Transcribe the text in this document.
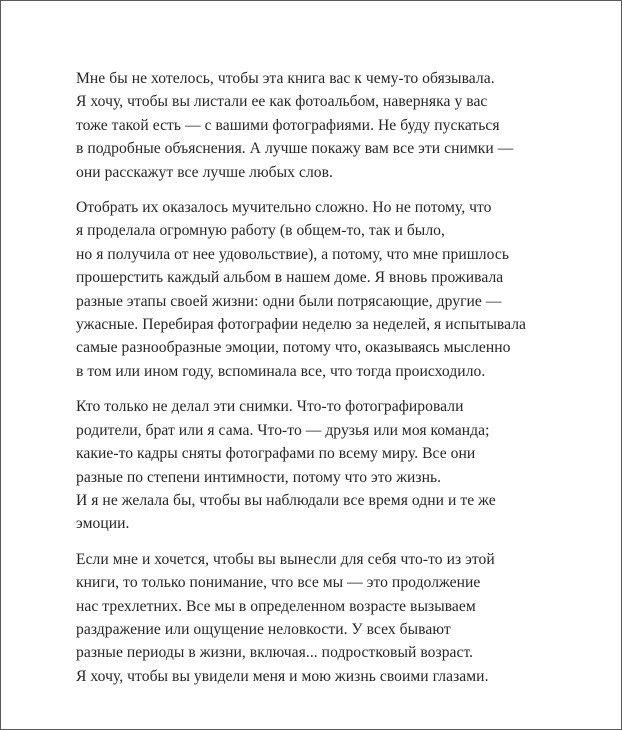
Мне бы не хотелось, чтобы эта книга вас к чему-то обязывала.
Я хочу, чтобы вы листали ее как фотоальбом, наверняка у вас
тоже такой есть — с вашими фотографиями. Не буду пускаться
в подробные объяснения. А лучше покажу вам все эти снимки —
они расскажут все лучше любых слов.

Отобрать их оказалось мучительно сложно. Но не потому, что
я проделала огромную работу (в общем-то, так и было,
но я получила от нее удовольствие), а потому, что мне пришлось
прошерстить каждый альбом в нашем доме. Я вновь проживала
разные этапы своей жизни: одни были потрясающие, другие —
ужасные. Перебирая фотографии неделю за неделей, я испытывала
самые разнообразные эмоции, потому что, оказываясь мысленно
в том или ином году, вспоминала все, что тогда происходило.

Кто только не делал эти снимки. Что-то фотографировали
родители, брат или я сама. Что-то — друзья или моя команда;
какие-то кадры сняты фотографами по всему миру. Все они
разные по степени интимности, потому что это жизнь.
И я не желала бы, чтобы вы наблюдали все время одни и те же
эмоции.

Если мне и хочется, чтобы вы вынесли для себя что-то из этой
книги, то только понимание, что все мы — это продолжение
нас трехлетних. Все мы в определенном возрасте вызываем
раздражение или ощущение неловкости. У всех бывают
разные периоды в жизни, включая... подростковый возраст.
Я хочу, чтобы вы увидели меня и мою жизнь своими глазами.
